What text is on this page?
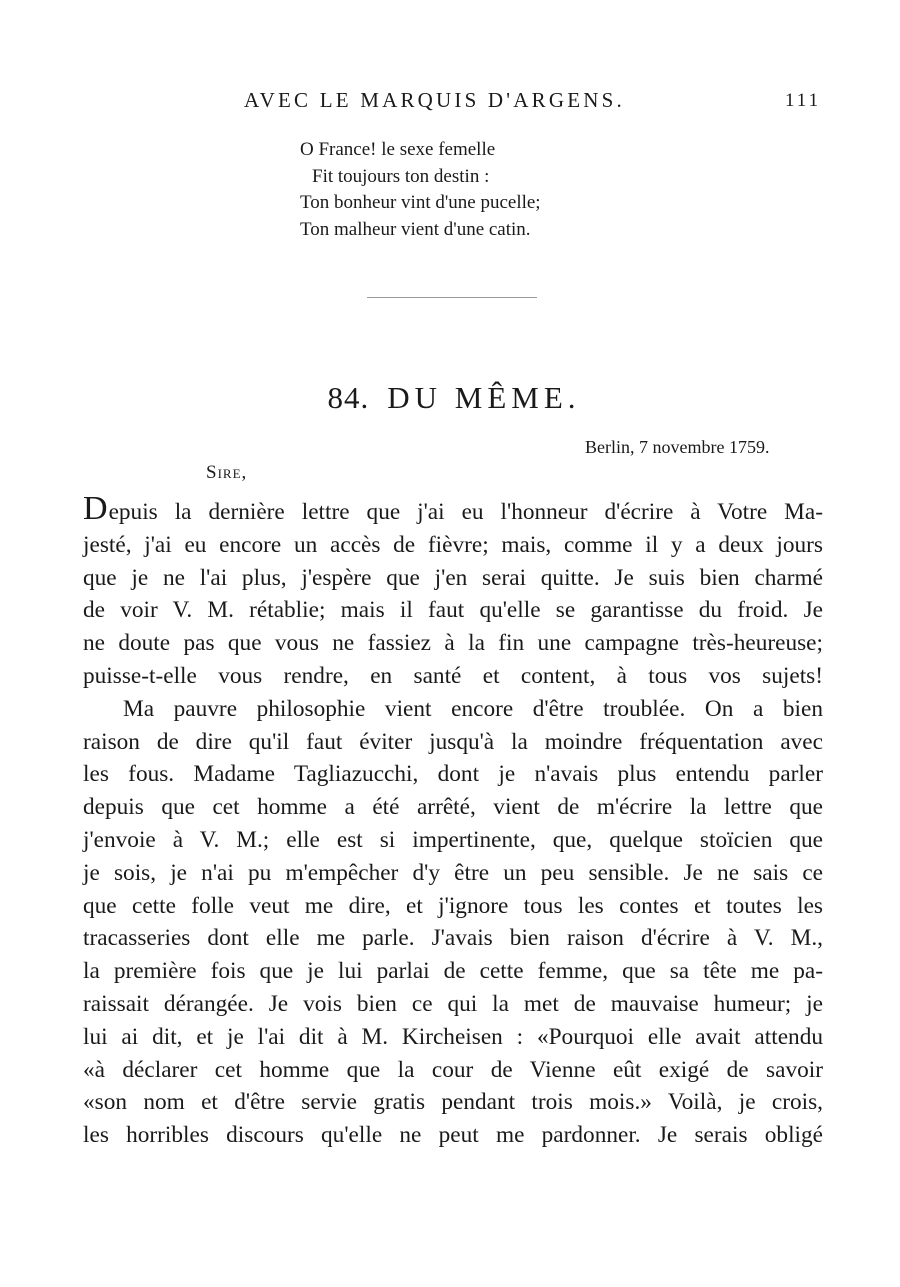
AVEC LE MARQUIS D'ARGENS.	111
O France! le sexe femelle
Fit toujours ton destin :
Ton bonheur vint d'une pucelle;
Ton malheur vient d'une catin.
84. DU MÊME.
Berlin, 7 novembre 1759.
Sire,
Depuis la dernière lettre que j'ai eu l'honneur d'écrire à Votre Ma-
jesté, j'ai eu encore un accès de fièvre; mais, comme il y a deux jours
que je ne l'ai plus, j'espère que j'en serai quitte. Je suis bien charmé
de voir V. M. rétablie; mais il faut qu'elle se garantisse du froid. Je
ne doute pas que vous ne fassiez à la fin une campagne très-heureuse;
puisse-t-elle vous rendre, en santé et content, à tous vos sujets!
Ma pauvre philosophie vient encore d'être troublée. On a bien
raison de dire qu'il faut éviter jusqu'à la moindre fréquentation avec
les fous. Madame Tagliazucchi, dont je n'avais plus entendu parler
depuis que cet homme a été arrêté, vient de m'écrire la lettre que
j'envoie à V. M.; elle est si impertinente, que, quelque stoïcien que
je sois, je n'ai pu m'empêcher d'y être un peu sensible. Je ne sais ce
que cette folle veut me dire, et j'ignore tous les contes et toutes les
tracasseries dont elle me parle. J'avais bien raison d'écrire à V. M.,
la première fois que je lui parlai de cette femme, que sa tête me pa-
raissait dérangée. Je vois bien ce qui la met de mauvaise humeur; je
lui ai dit, et je l'ai dit à M. Kircheisen : «Pourquoi elle avait attendu
«à déclarer cet homme que la cour de Vienne eût exigé de savoir
«son nom et d'être servie gratis pendant trois mois.» Voilà, je crois,
les horribles discours qu'elle ne peut me pardonner. Je serais obligé
